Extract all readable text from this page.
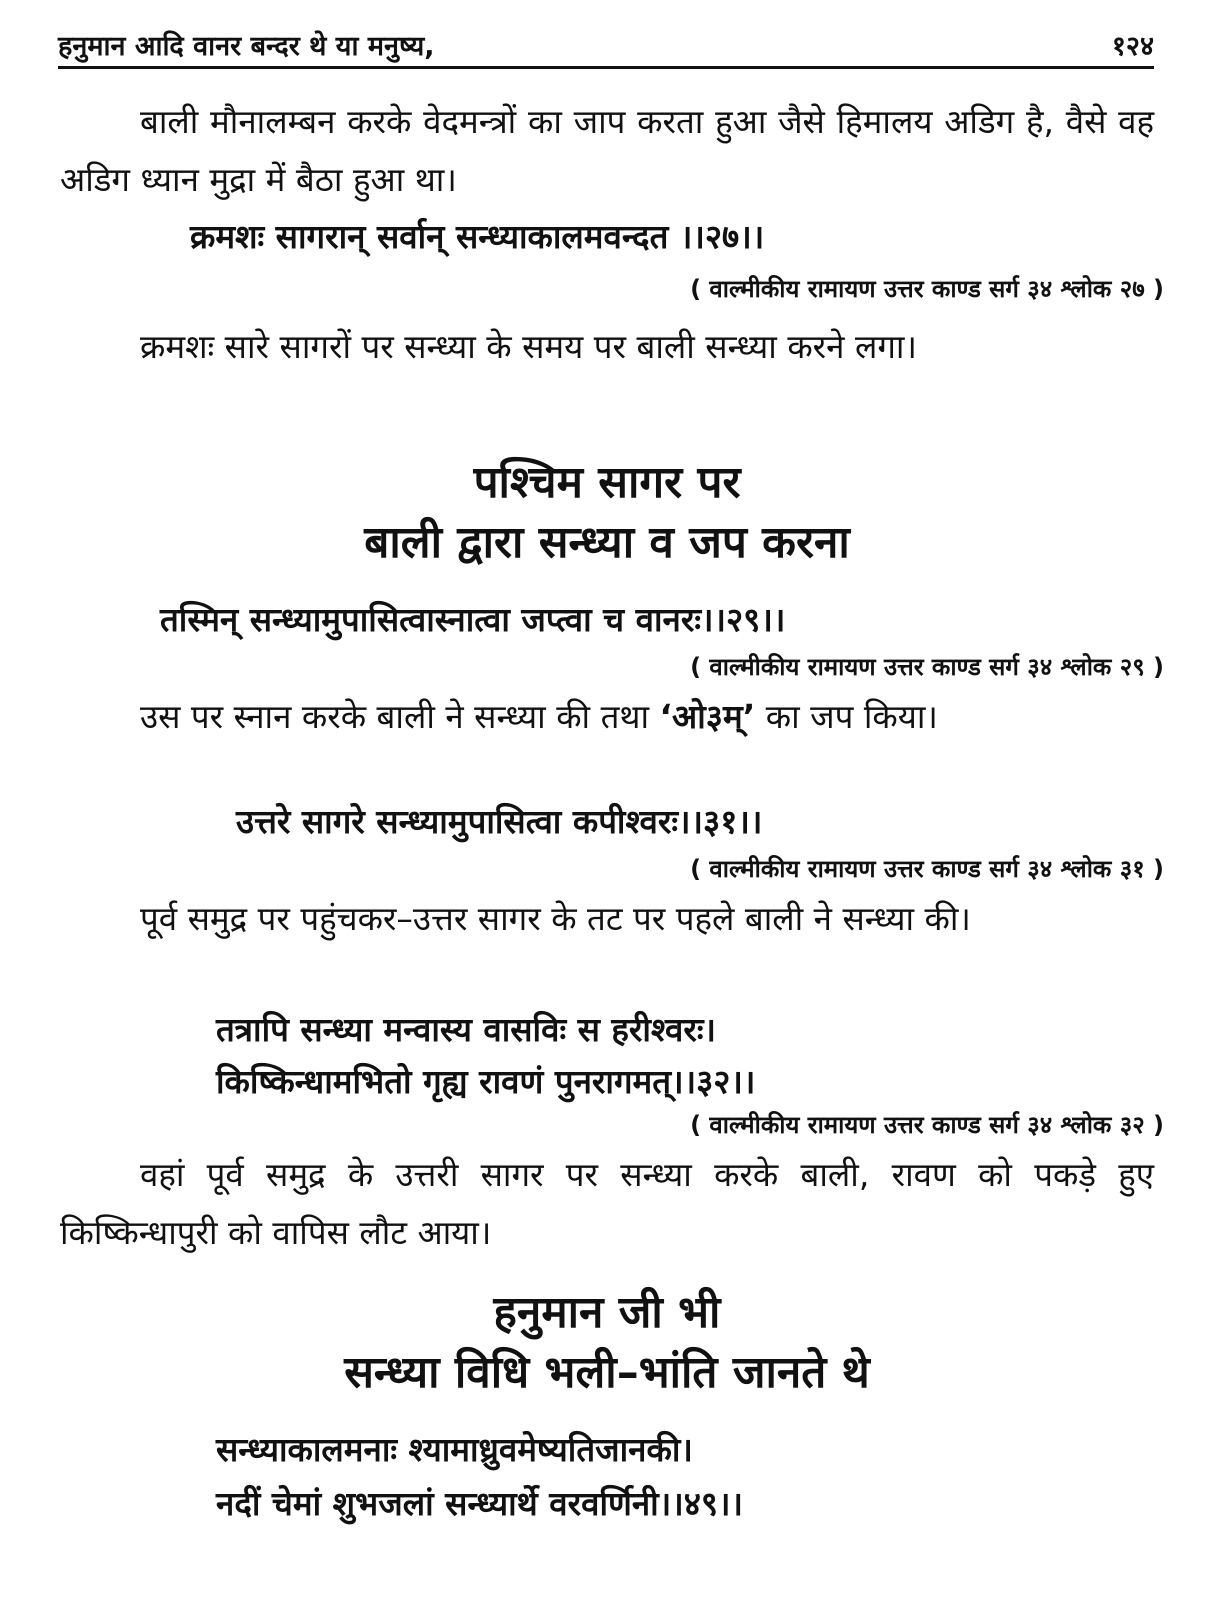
हनुमान आदि वानर बन्दर थे या मनुष्य,	१२४

बाली मौनालम्बन करके वेदमन्त्रों का जाप करता हुआ जैसे हिमालय अडिग है, वैसे वह अडिग ध्यान मुद्रा में बैठा हुआ था।

क्रमशः सागरान् सर्वान् सन्ध्याकालमवन्दत ।।२७।।

( वाल्मीकीय रामायण उत्तर काण्ड सर्ग ३४ श्लोक २७ )

क्रमशः सारे सागरों पर सन्ध्या के समय पर बाली सन्ध्या करने लगा।

पश्चिम सागर पर
बाली द्वारा सन्ध्या व जप करना

तस्मिन् सन्ध्यामुपासित्वास्नात्वा जप्त्वा च वानरः।।२९।।

( वाल्मीकीय रामायण उत्तर काण्ड सर्ग ३४ श्लोक २९ )

उस पर स्नान करके बाली ने सन्ध्या की तथा ‘ओ३म्’ का जप किया।

उत्तरे सागरे सन्ध्यामुपासित्वा कपीश्वरः।।३१।।

( वाल्मीकीय रामायण उत्तर काण्ड सर्ग ३४ श्लोक ३१ )

पूर्व समुद्र पर पहुंचकर–उत्तर सागर के तट पर पहले बाली ने सन्ध्या की।

तत्रापि सन्ध्या मन्वास्य वासविः स हरीश्वरः।

किष्किन्धामभितो गृह्य रावणं पुनरागमत्।।३२।।

( वाल्मीकीय रामायण उत्तर काण्ड सर्ग ३४ श्लोक ३२ )

वहां पूर्व समुद्र के उत्तरी सागर पर सन्ध्या करके बाली, रावण को पकड़े हुए किष्किन्धापुरी को वापिस लौट आया।

हनुमान जी भी
सन्ध्या विधि भली–भांति जानते थे

सन्ध्याकालमनाः श्यामाध्रुवमेष्यतिजानकी।

नदीं चेमां शुभजलां सन्ध्यार्थे वरवर्णिनी।।४९।।
